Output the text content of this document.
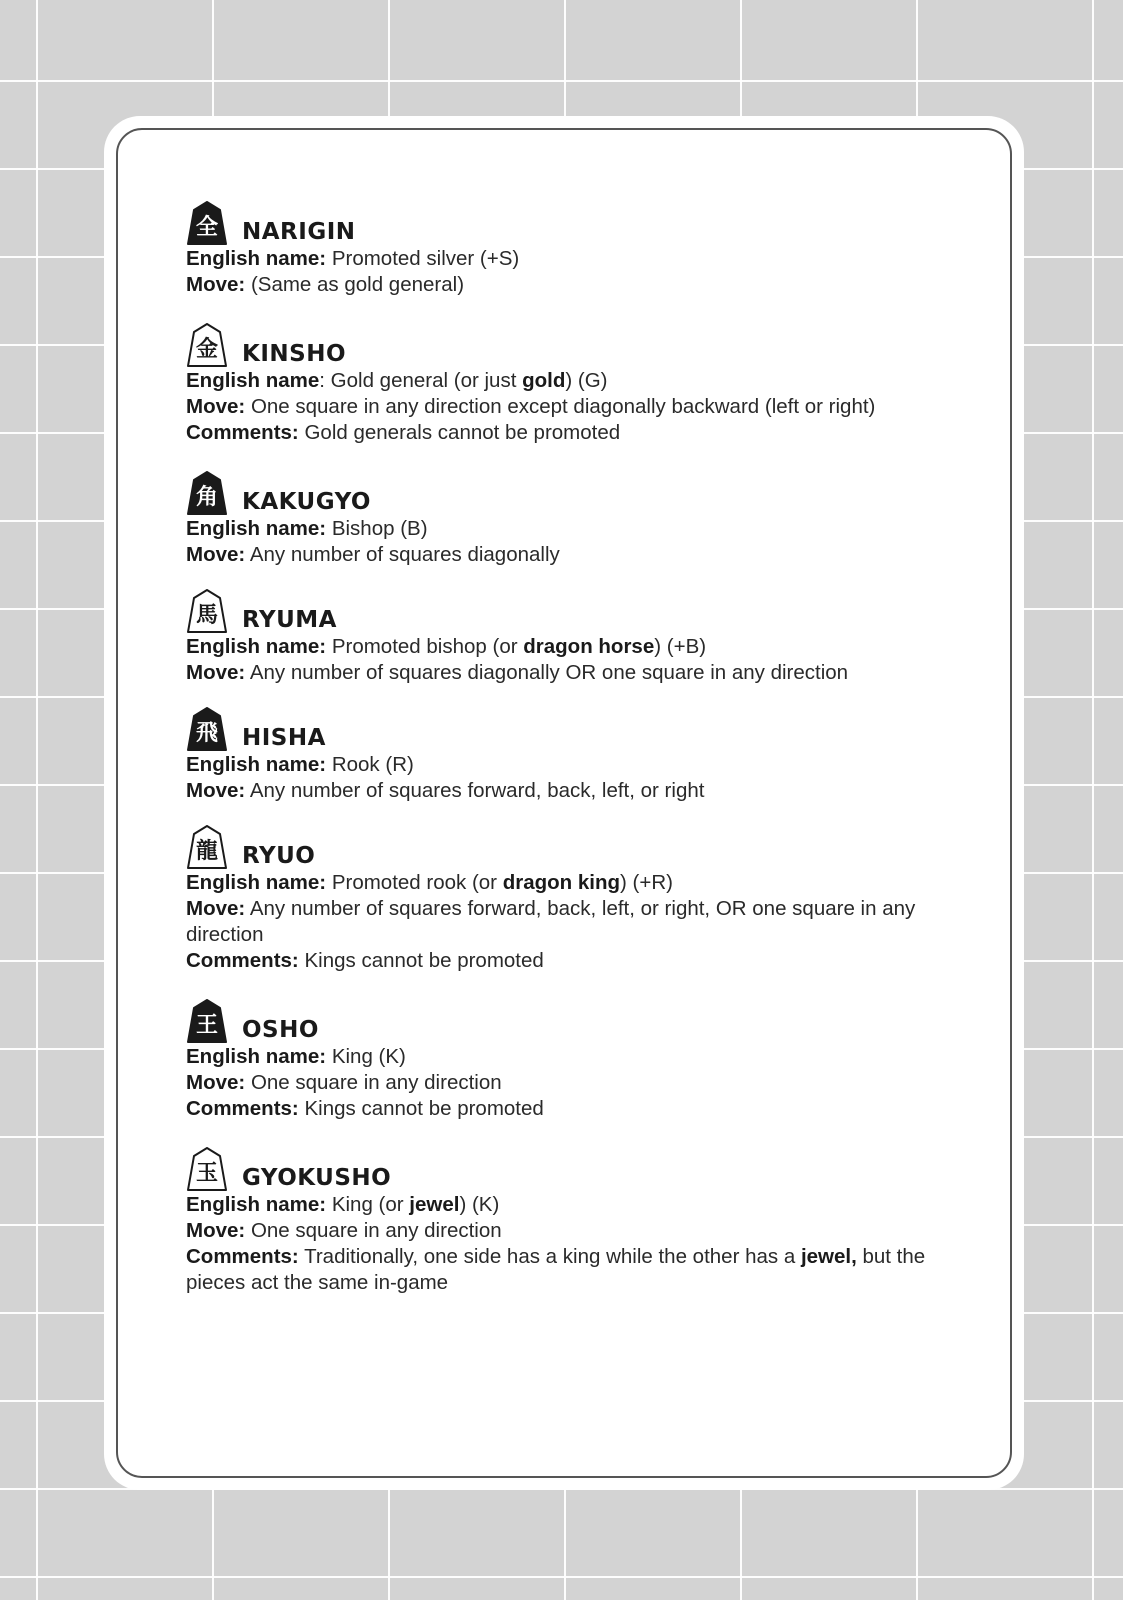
全 NARIGIN
English name: Promoted silver (+S)
Move: (Same as gold general)
金 KINSHO
English name: Gold general (or just gold) (G)
Move: One square in any direction except diagonally backward (left or right)
Comments: Gold generals cannot be promoted
角 KAKUGYO
English name: Bishop (B)
Move: Any number of squares diagonally
馬 RYUMA
English name: Promoted bishop (or dragon horse) (+B)
Move: Any number of squares diagonally OR one square in any direction
飛 HISHA
English name: Rook (R)
Move: Any number of squares forward, back, left, or right
龍 RYUO
English name: Promoted rook (or dragon king) (+R)
Move: Any number of squares forward, back, left, or right, OR one square in any direction
Comments: Kings cannot be promoted
王 OSHO
English name: King (K)
Move: One square in any direction
Comments: Kings cannot be promoted
玉 GYOKUSHO
English name: King (or jewel) (K)
Move: One square in any direction
Comments: Traditionally, one side has a king while the other has a jewel, but the pieces act the same in-game
